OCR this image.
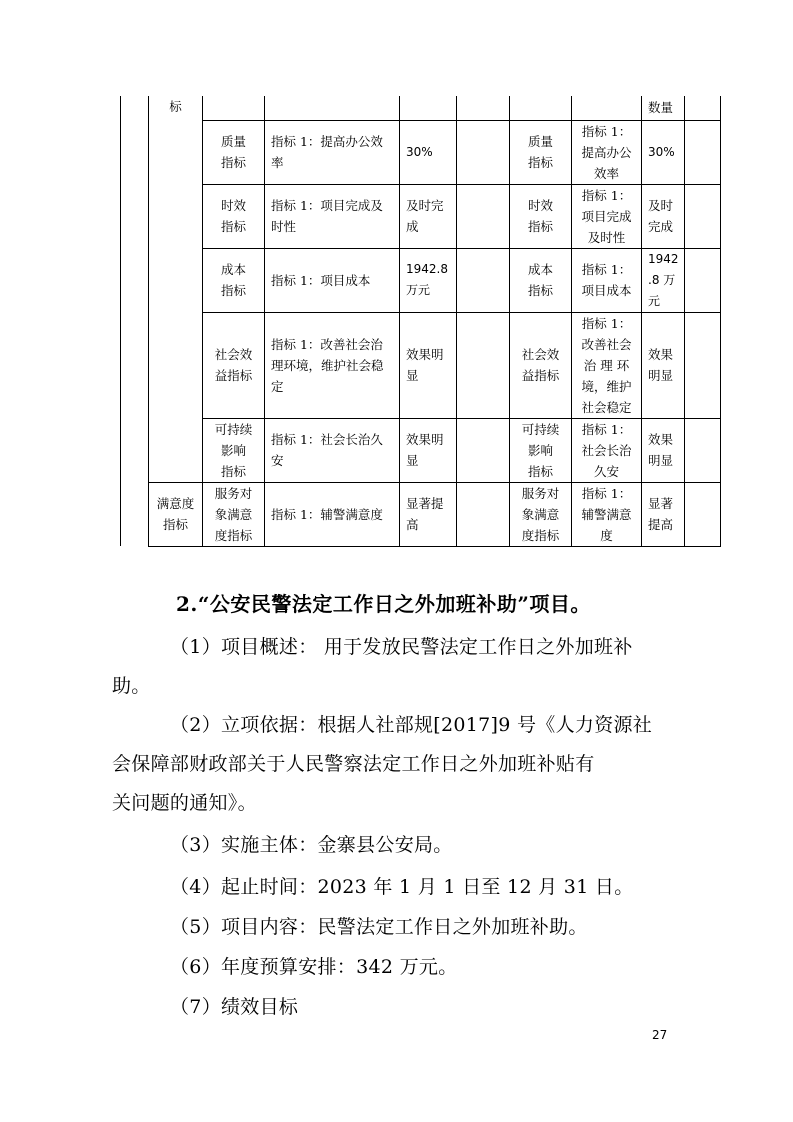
	标							数量	

		质量
指标	指标 1：提高办公效
率	30%		质量
指标	指标 1：
提高办公
效率	30%	

		时效
指标	指标 1：项目完成及
时性	及时完
成		时效
指标	指标 1：
项目完成
及时性	及时
完成	

		成本
指标	指标 1：项目成本	1942.8
万元		成本
指标	指标 1：
项目成本	1942
.8 万
元	

		社会效
益指标	指标 1：改善社会治
理环境，维护社会稳
定	效果明
显		社会效
益指标	指标 1：
改善社会
治 理 环
境，维护
社会稳定	效果
明显	

		可持续
影响
指标	指标 1：社会长治久
安	效果明
显		可持续
影响
指标	指标 1：
社会长治
久安	效果
明显	

	满意度
指标	服务对
象满意
度指标	指标 1：辅警满意度	显著提
高		服务对
象满意
度指标	指标 1：
辅警满意
度	显著
提高	

2.“公安民警法定工作日之外加班补助”项目。
（1）项目概述： 用于发放民警法定工作日之外加班补
助。
（2）立项依据：根据人社部规[2017]9 号《人力资源社
会保障部财政部关于人民警察法定工作日之外加班补贴有
关问题的通知》。
（3）实施主体：金寨县公安局。
（4）起止时间：2023 年 1 月 1 日至 12 月 31 日。
（5）项目内容：民警法定工作日之外加班补助。
（6）年度预算安排：342 万元。
（7）绩效目标
27
